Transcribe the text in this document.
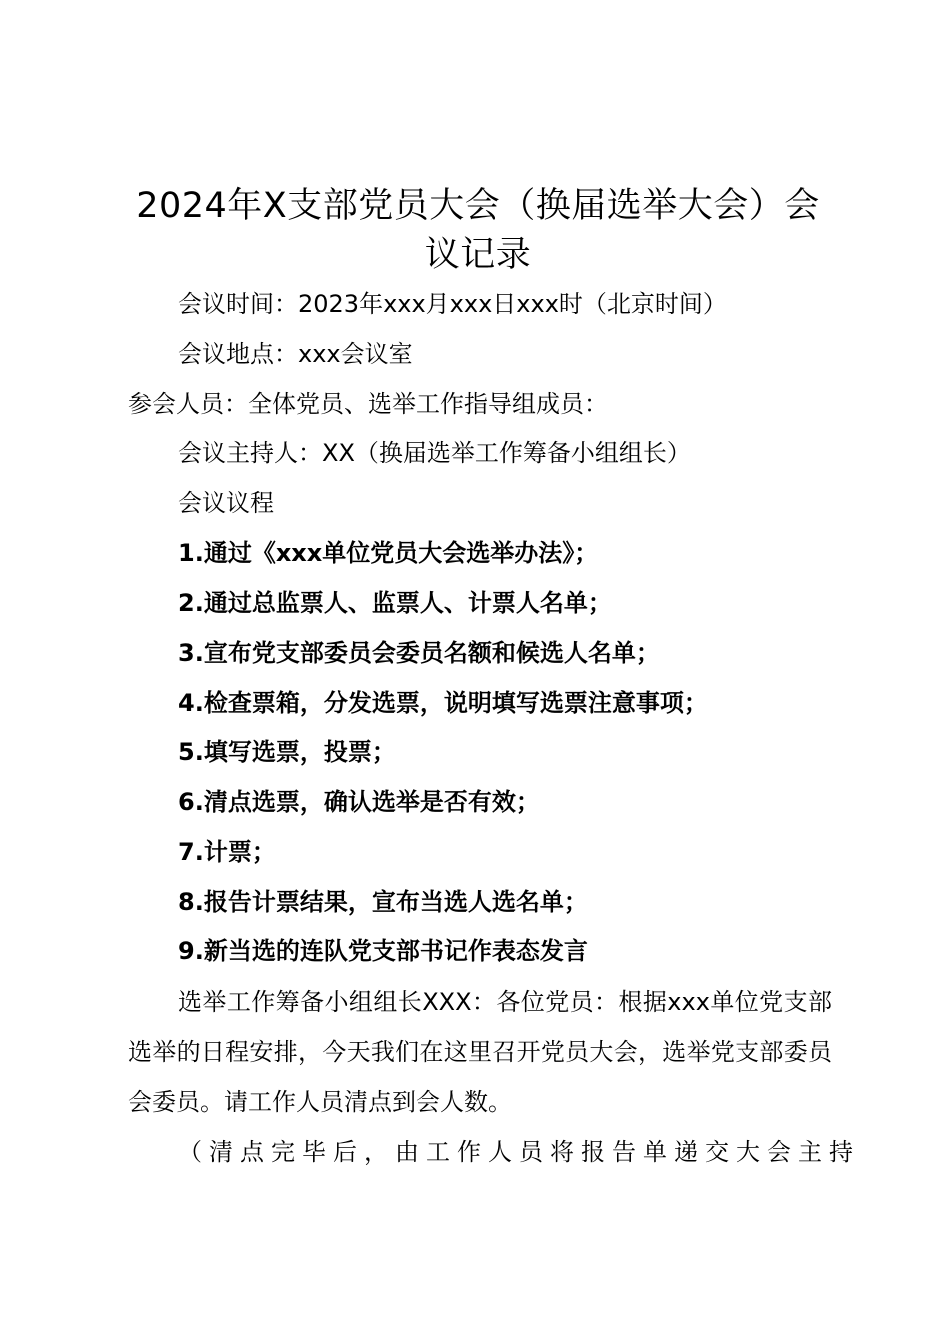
2024年X支部党员大会（换届选举大会）会议记录
会议时间：2023年xxx月xxx日xxx时（北京时间）
会议地点：xxx会议室
参会人员：全体党员、选举工作指导组成员：
会议主持人：XX（换届选举工作筹备小组组长）
会议议程
1.通过《xxx单位党员大会选举办法》；
2.通过总监票人、监票人、计票人名单；
3.宣布党支部委员会委员名额和候选人名单；
4.检查票箱，分发选票，说明填写选票注意事项；
5.填写选票，投票；
6.清点选票，确认选举是否有效；
7.计票；
8.报告计票结果，宣布当选人选名单；
9.新当选的连队党支部书记作表态发言
选举工作筹备小组组长XXX：各位党员：根据xxx单位党支部选举的日程安排，今天我们在这里召开党员大会，选举党支部委员会委员。请工作人员清点到会人数。
（清点完毕后，由工作人员将报告单递交大会主持
